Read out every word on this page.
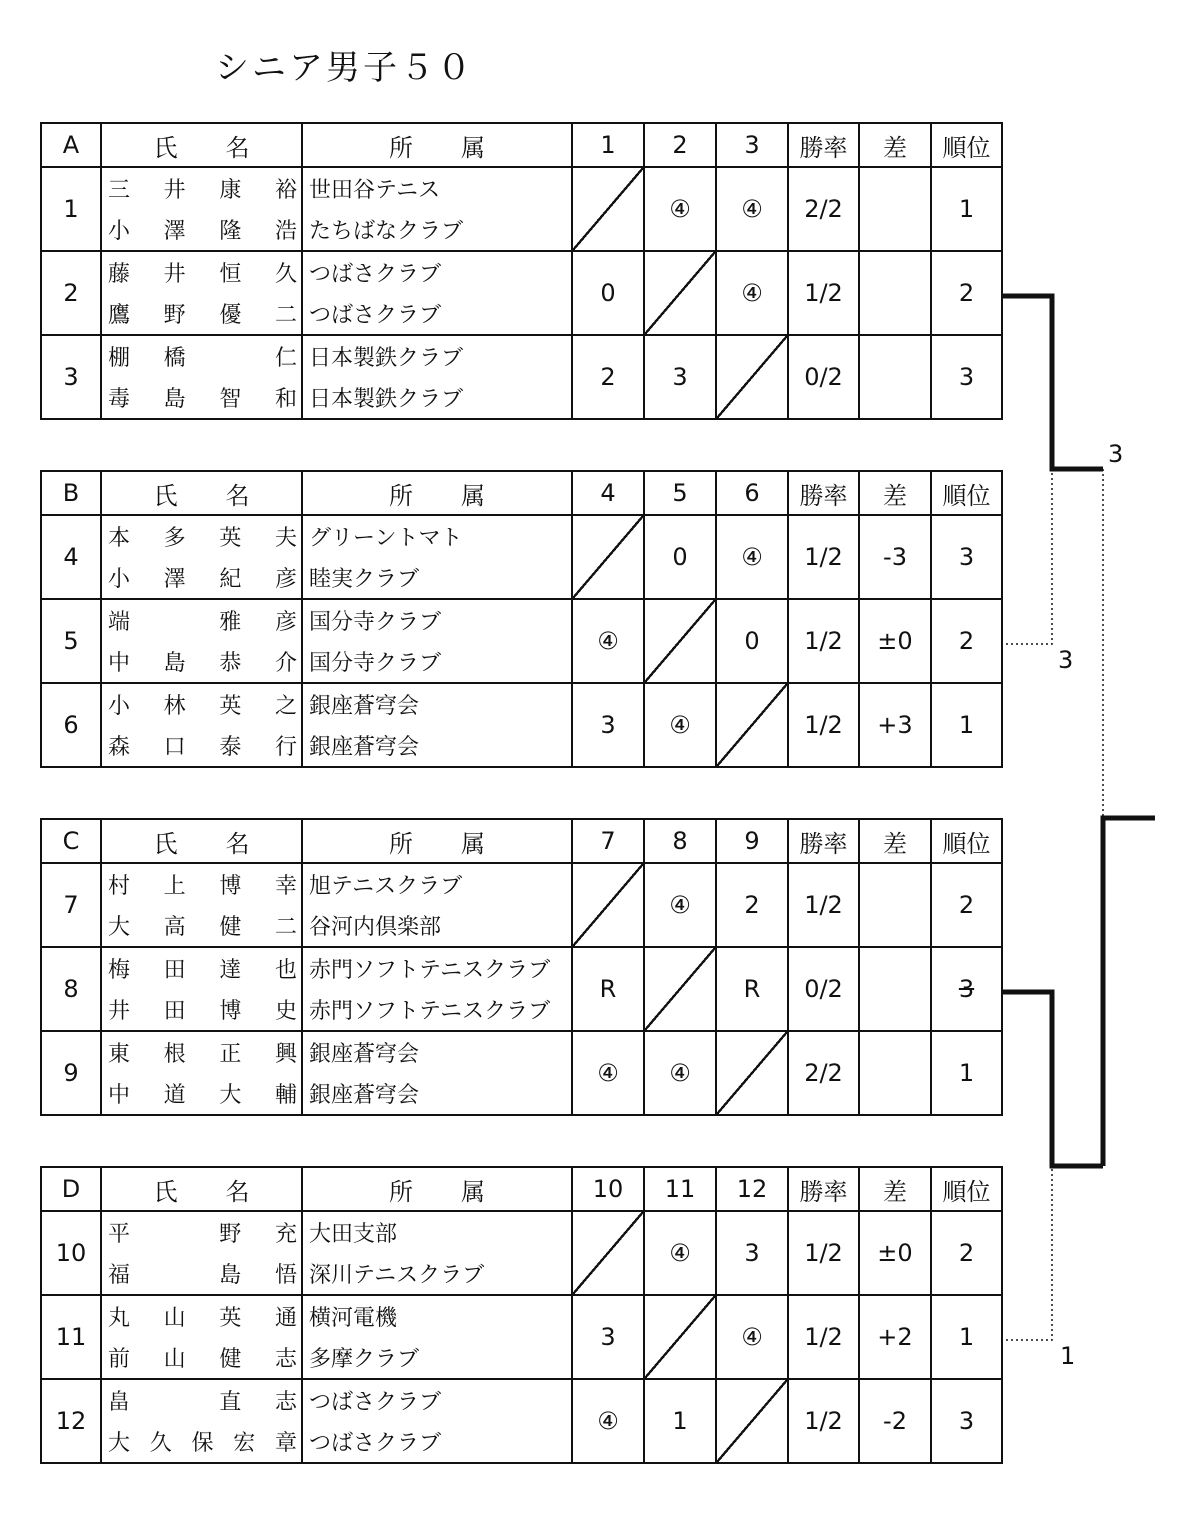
シニア男子５０
A	氏　　名	所　　属	1	2	3	勝率	差	順位
1	三 井 康 裕	世田谷テニス		④	④	2/2		1

	小 澤 隆 浩	たちばなクラブ						

2	藤 井 恒 久	つばさクラブ	0		④	1/2		2

	鷹 野 優 二	つばさクラブ						

3	棚 橋 仁	日本製鉄クラブ	2	3		0/2		3

	毒 島 智 和	日本製鉄クラブ						
B	氏　　名	所　　属	4	5	6	勝率	差	順位
4	本 多 英 夫	グリーントマト		0	④	1/2	-3	3

	小 澤 紀 彦	睦実クラブ						

5	端 雅 彦	国分寺クラブ	④		0	1/2	±0	2

	中 島 恭 介	国分寺クラブ						

6	小 林 英 之	銀座蒼穹会	3	④		1/2	+3	1

	森 口 泰 行	銀座蒼穹会						
C	氏　　名	所　　属	7	8	9	勝率	差	順位
7	村 上 博 幸	旭テニスクラブ		④	2	1/2		2

	大 高 健 二	谷河内倶楽部						

8	梅 田 達 也	赤門ソフトテニスクラブ	R		R	0/2		3

	井 田 博 史	赤門ソフトテニスクラブ						

9	東 根 正 興	銀座蒼穹会	④	④		2/2		1

	中 道 大 輔	銀座蒼穹会						
D	氏　　名	所　　属	10	11	12	勝率	差	順位
10	平 野 充	大田支部		④	3	1/2	±0	2

	福 島 悟	深川テニスクラブ						

11	丸 山 英 通	横河電機	3		④	1/2	+2	1

	前 山 健 志	多摩クラブ						

12	畠 直 志	つばさクラブ	④	1		1/2	-2	3

	大 久 保 宏 章	つばさクラブ						
3
3
1
